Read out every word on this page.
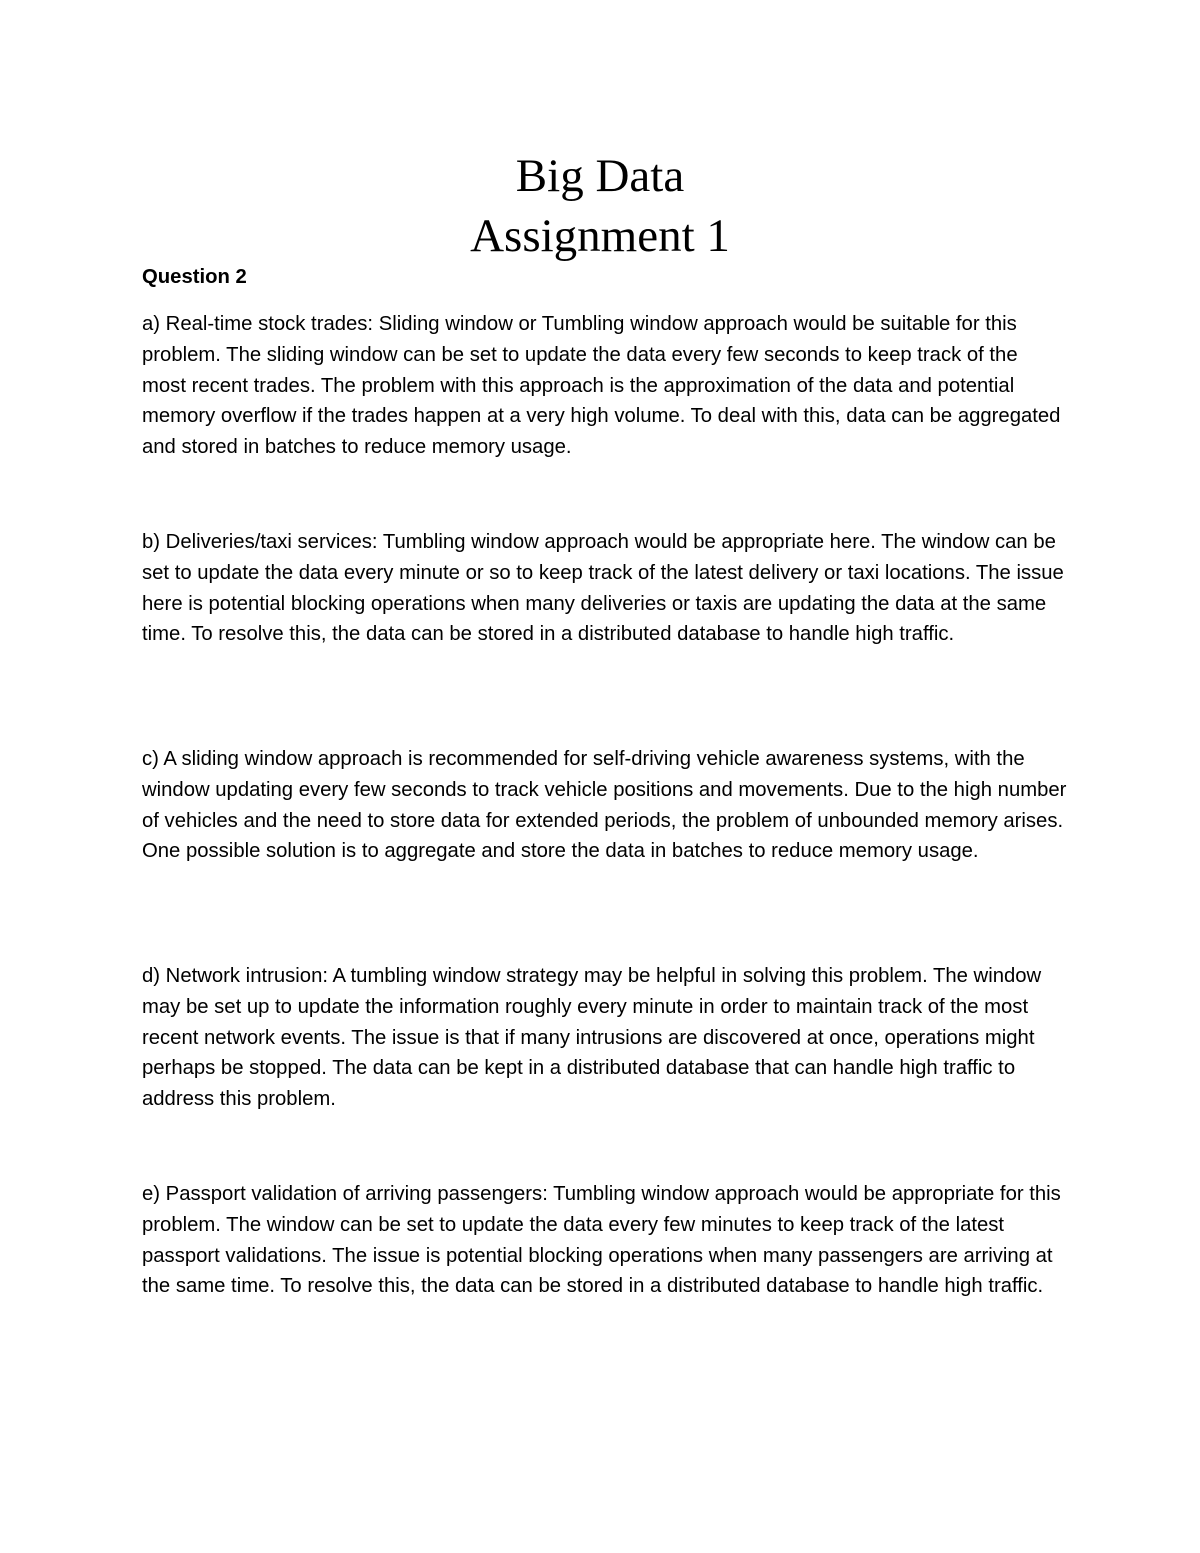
Big Data
Assignment 1

Question 2

a) Real-time stock trades: Sliding window or Tumbling window approach would be suitable for this problem. The sliding window can be set to update the data every few seconds to keep track of the most recent trades. The problem with this approach is the approximation of the data and potential memory overflow if the trades happen at a very high volume. To deal with this, data can be aggregated and stored in batches to reduce memory usage.

b) Deliveries/taxi services: Tumbling window approach would be appropriate here. The window can be set to update the data every minute or so to keep track of the latest delivery or taxi locations. The issue here is potential blocking operations when many deliveries or taxis are updating the data at the same time. To resolve this, the data can be stored in a distributed database to handle high traffic.

c) A sliding window approach is recommended for self-driving vehicle awareness systems, with the window updating every few seconds to track vehicle positions and movements. Due to the high number of vehicles and the need to store data for extended periods, the problem of unbounded memory arises. One possible solution is to aggregate and store the data in batches to reduce memory usage.

d) Network intrusion: A tumbling window strategy may be helpful in solving this problem. The window may be set up to update the information roughly every minute in order to maintain track of the most recent network events. The issue is that if many intrusions are discovered at once, operations might perhaps be stopped. The data can be kept in a distributed database that can handle high traffic to address this problem.

e) Passport validation of arriving passengers: Tumbling window approach would be appropriate for this problem. The window can be set to update the data every few minutes to keep track of the latest passport validations. The issue is potential blocking operations when many passengers are arriving at the same time. To resolve this, the data can be stored in a distributed database to handle high traffic.
